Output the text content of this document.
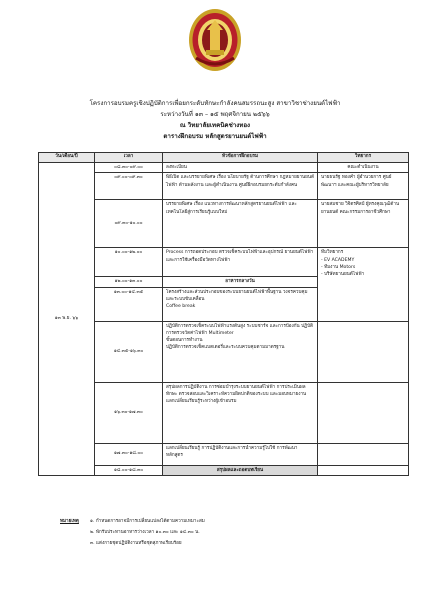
โครงการอบรมครูเชิงปฏิบัติการเพื่อยกระดับทักษะกำลังคนสมรรถนะสูง สาขาวิชาช่างยนต์ไฟฟ้า
ระหว่างวันที่ ๑๓ – ๑๕ พฤศจิกายน ๒๕๖๖
ณ วิทยาลัยเทคนิคช่างทอง
ตารางฝึกอบรม หลักสูตรยานยนต์ไฟฟ้า
วัน/เดือน/ปี	เวลา	หัวข้อการฝึกอบรม	วิทยากร
๑๓ พ.ย. ๖๖	๐๘.๓๐-๐๙.๐๐	ลงทะเบียน	คณะดำเนินงาน
	๐๙.๐๐-๐๙.๓๐	พิธีเปิด และบรรยายพิเศษ เรื่อง นโยบายรัฐ ด้านการศึกษา กฎหมายยานยนต์ไฟฟ้า ด้านพลังงาน และผู้ดำเนินงาน ศูนย์ฝึกอบรมยกระดับกำลังคน	นายธนรัฐ ทองคำ ผู้อำนวยการ ศูนย์พัฒนาฯ และคณะผู้บริหารวิทยาลัย
	๐๙.๓๐-๑๐.๐๐	บรรยายพิเศษ เรื่อง แนวทางการพัฒนาหลักสูตรยานยนต์ไฟฟ้า และเทคโนโลยีสู่การเรียนรู้แบบใหม่	นายสมชาย วิจิตรศิลป์ ผู้ทรงคุณวุฒิด้านยานยนต์ คณะกรรมการอาชีวศึกษา
	๑๐.๐๐-๑๒.๐๐	Process การถอดประกอบ ตรวจเช็คระบบไฟฟ้าและอุปกรณ์ ยานยนต์ไฟฟ้า และการใช้เครื่องมือวัดทางไฟฟ้า	ทีมวิทยากร
- EV ACADEMY
- ทีมงาน Motors
- บริษัทยานยนต์ไฟฟ้า
	๑๒.๐๐-๑๓.๐๐	อาหารกลางวัน	
	๑๓.๐๐-๑๔.๓๕	โครงสร้างและส่วนประกอบของระบบยานยนต์ไฟฟ้าพื้นฐาน วงจรควบคุมและระบบขับเคลื่อน
Coffee break	
	๑๔.๓๕-๑๖.๓๐	ปฏิบัติการตรวจเช็คระบบไฟฟ้าแรงดันสูง ระบบชาร์จ และการป้องกัน ปฏิบัติการตรวจวัดค่าไฟฟ้า Multimeter
ขั้นตอนการทำงาน
ปฏิบัติการตรวจเช็คแบตเตอรี่และระบบควบคุมตามมาตรฐาน	
	๑๖.๓๐-๑๗.๓๐	สรุปผลการปฏิบัติงาน การซ่อมบำรุงระบบยานยนต์ไฟฟ้า การประเมินผลทักษะ ตรวจสอบและวิเคราะห์ความผิดปกติของระบบ และมอบหมายงาน
แลกเปลี่ยนเรียนรู้ระหว่างผู้เข้าอบรม	
	๑๗.๓๐-๑๘.๐๐	แลกเปลี่ยนเรียนรู้ การปฏิบัติงานและการนำความรู้ไปใช้ การพัฒนาหลักสูตร	
	๑๘.๐๐-๑๘.๓๐	สรุปผลและถอดบทเรียน	
หมายเหตุ ๑. กำหนดการอาจมีการเปลี่ยนแปลงได้ตามความเหมาะสม
๒. พักรับประทานอาหารว่างเวลา ๑๐.๓๐ และ ๑๔.๓๐ น.
๓. แต่งกายชุดปฏิบัติงานหรือชุดสุภาพเรียบร้อย
